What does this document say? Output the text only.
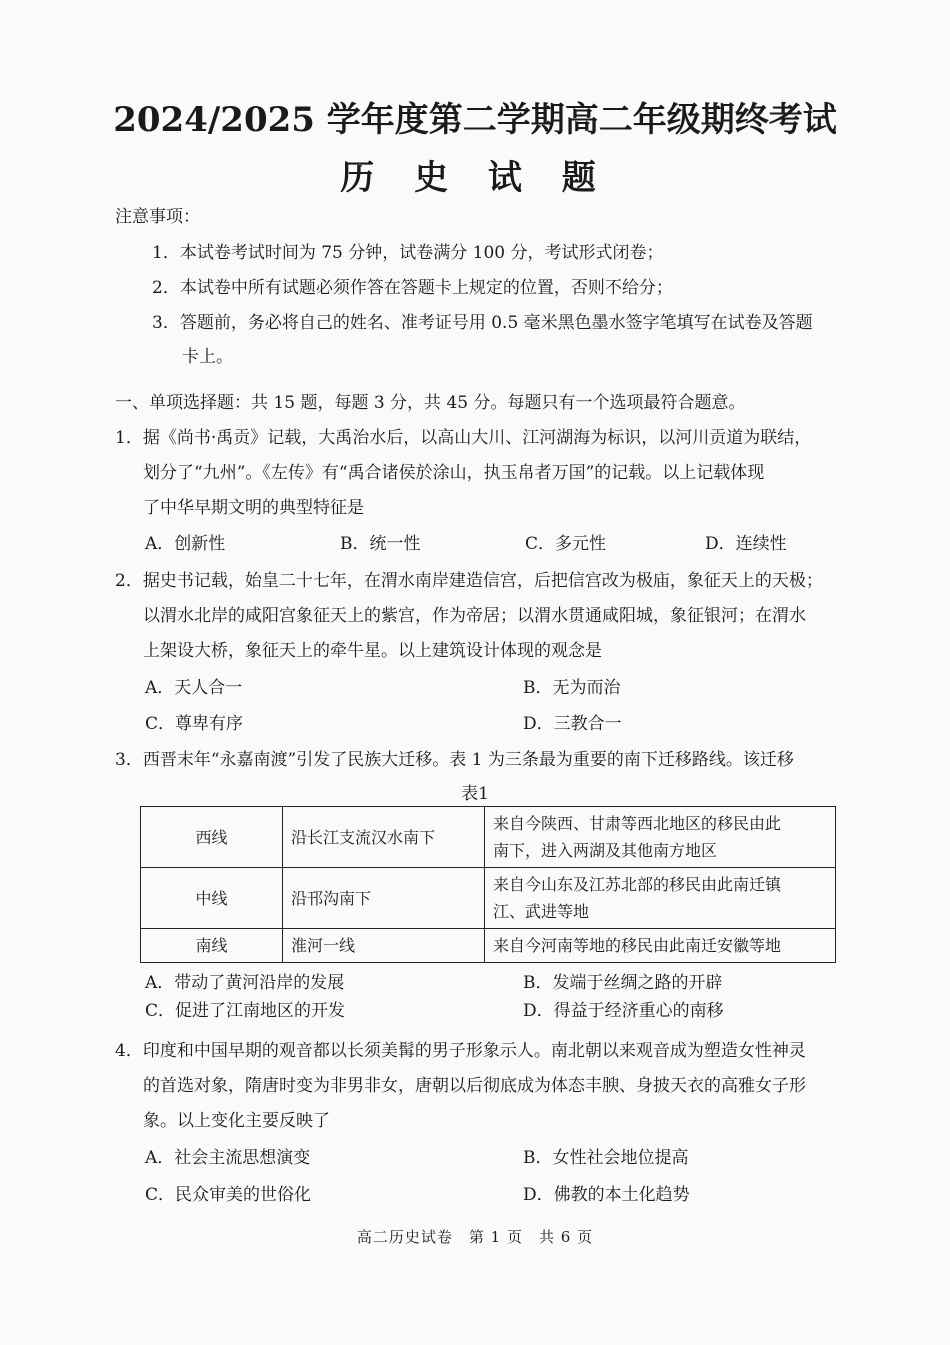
2024/2025 学年度第二学期高二年级期终考试
历 史 试 题
注意事项：
1．本试卷考试时间为 75 分钟，试卷满分 100 分，考试形式闭卷；
2．本试卷中所有试题必须作答在答题卡上规定的位置，否则不给分；
3．答题前，务必将自己的姓名、准考证号用 0.5 毫米黑色墨水签字笔填写在试卷及答题
卡上。
一、单项选择题：共 15 题，每题 3 分，共 45 分。每题只有一个选项最符合题意。
1．据《尚书·禹贡》记载，大禹治水后，以高山大川、江河湖海为标识，以河川贡道为联结，
划分了“九州”。《左传》有“禹合诸侯於涂山，执玉帛者万国”的记载。以上记载体现
了中华早期文明的典型特征是
A．创新性	B．统一性	C．多元性	D．连续性
2．据史书记载，始皇二十七年，在渭水南岸建造信宫，后把信宫改为极庙，象征天上的天极；
以渭水北岸的咸阳宫象征天上的紫宫，作为帝居；以渭水贯通咸阳城，象征银河；在渭水
上架设大桥，象征天上的牵牛星。以上建筑设计体现的观念是
A．天人合一	B．无为而治
C．尊卑有序	D．三教合一
3．西晋末年“永嘉南渡”引发了民族大迁移。表 1 为三条最为重要的南下迁移路线。该迁移
表1
西线	沿长江支流汉水南下	来自今陕西、甘肃等西北地区的移民由此
南下，进入两湖及其他南方地区

中线	沿邗沟南下	来自今山东及江苏北部的移民由此南迁镇
江、武进等地

南线	淮河一线	来自今河南等地的移民由此南迁安徽等地
A．带动了黄河沿岸的发展	B．发端于丝绸之路的开辟
C．促进了江南地区的开发	D．得益于经济重心的南移
4．印度和中国早期的观音都以长须美髯的男子形象示人。南北朝以来观音成为塑造女性神灵
的首选对象，隋唐时变为非男非女，唐朝以后彻底成为体态丰腴、身披天衣的高雅女子形
象。以上变化主要反映了
A．社会主流思想演变	B．女性社会地位提高
C．民众审美的世俗化	D．佛教的本土化趋势
高二历史试卷　第 1 页　共 6 页
